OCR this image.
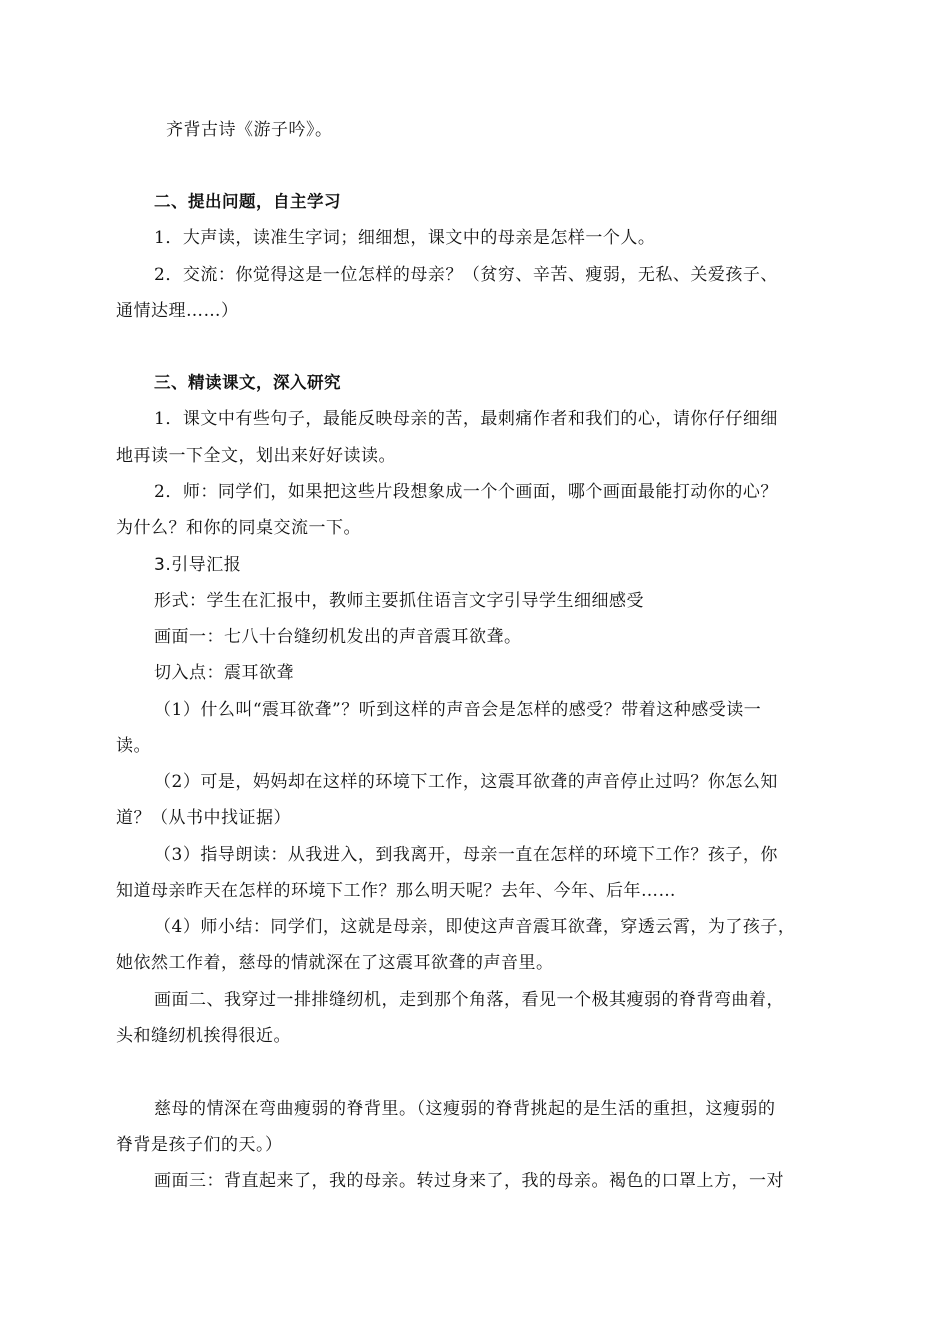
齐背古诗《游子吟》。
二、提出问题，自主学习
1．大声读，读准生字词；细细想，课文中的母亲是怎样一个人。
2．交流：你觉得这是一位怎样的母亲？（贫穷、辛苦、瘦弱，无私、关爱孩子、
通情达理……）
三、精读课文，深入研究
1．课文中有些句子，最能反映母亲的苦，最刺痛作者和我们的心，请你仔仔细细
地再读一下全文，划出来好好读读。
2．师：同学们，如果把这些片段想象成一个个画面，哪个画面最能打动你的心？
为什么？和你的同桌交流一下。
3.引导汇报
形式：学生在汇报中，教师主要抓住语言文字引导学生细细感受
画面一：七八十台缝纫机发出的声音震耳欲聋。
切入点：震耳欲聋
（1）什么叫“震耳欲聋”？听到这样的声音会是怎样的感受？带着这种感受读一
读。
（2）可是，妈妈却在这样的环境下工作，这震耳欲聋的声音停止过吗？你怎么知
道？（从书中找证据）
（3）指导朗读：从我进入，到我离开，母亲一直在怎样的环境下工作？孩子，你
知道母亲昨天在怎样的环境下工作？那么明天呢？去年、今年、后年……
（4）师小结：同学们，这就是母亲，即使这声音震耳欲聋，穿透云霄，为了孩子，
她依然工作着，慈母的情就深在了这震耳欲聋的声音里。
画面二、我穿过一排排缝纫机，走到那个角落，看见一个极其瘦弱的脊背弯曲着，
头和缝纫机挨得很近。
慈母的情深在弯曲瘦弱的脊背里。（这瘦弱的脊背挑起的是生活的重担，这瘦弱的
脊背是孩子们的天。）
画面三：背直起来了，我的母亲。转过身来了，我的母亲。褐色的口罩上方，一对
